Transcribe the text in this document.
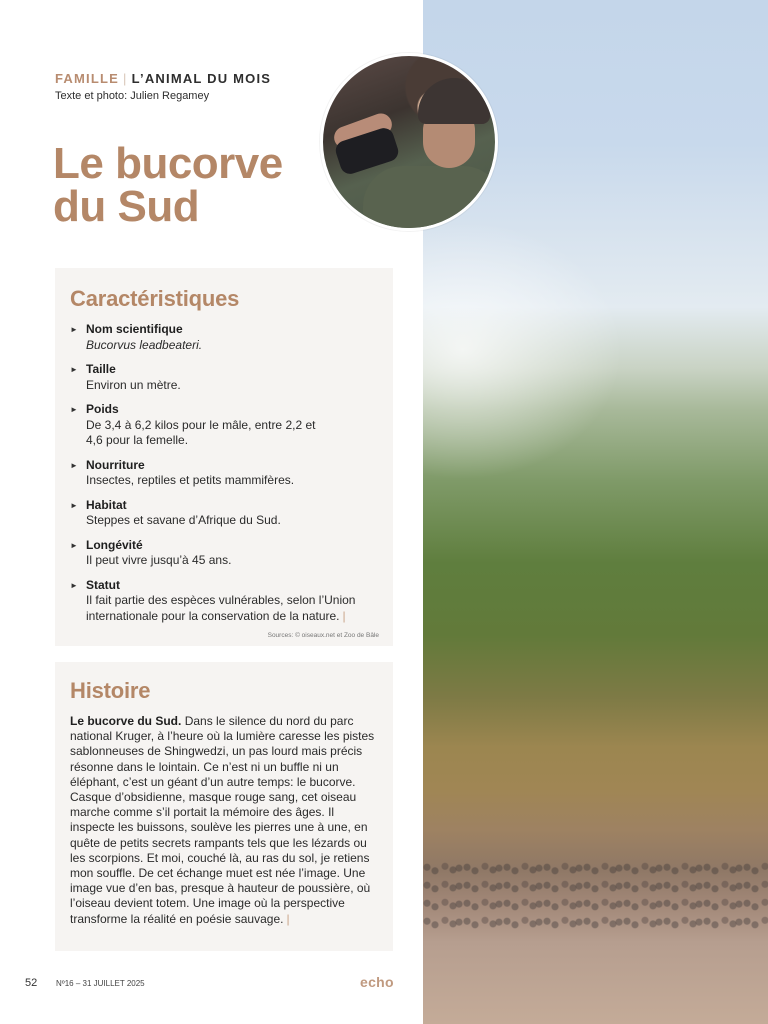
FAMILLE | L’ANIMAL DU MOIS
Texte et photo: Julien Regamey
Le bucorve
du Sud
Caractéristiques
► Nom scientifique
Bucorvus leadbeateri.
► Taille
Environ un mètre.
► Poids
De 3,4 à 6,2 kilos pour le mâle, entre 2,2 et 4,6 pour la femelle.
► Nourriture
Insectes, reptiles et petits mammifères.
► Habitat
Steppes et savane d’Afrique du Sud.
► Longévité
Il peut vivre jusqu’à 45 ans.
► Statut
Il fait partie des espèces vulnérables, selon l’Union internationale pour la conservation de la nature. |
Sources: © oiseaux.net et Zoo de Bâle
Histoire

Le bucorve du Sud. Dans le silence du nord du parc national Kruger, à l’heure où la lumière caresse les pistes sablonneuses de Shingwedzi, un pas lourd mais précis résonne dans le lointain. Ce n’est ni un buffle ni un éléphant, c’est un géant d’un autre temps: le bucorve. Casque d’obsidienne, masque rouge sang, cet oiseau marche comme s’il portait la mémoire des âges. Il inspecte les buissons, soulève les pierres une à une, en quête de petits secrets rampants tels que les lézards ou les scorpions. Et moi, couché là, au ras du sol, je retiens mon souffle. De cet échange muet est née l’image. Une image vue d’en bas, presque à hauteur de poussière, où l’oiseau devient totem. Une image où la perspective transforme la réalité en poésie sauvage. |

52 Nº16 – 31 JUILLET 2025	echo
